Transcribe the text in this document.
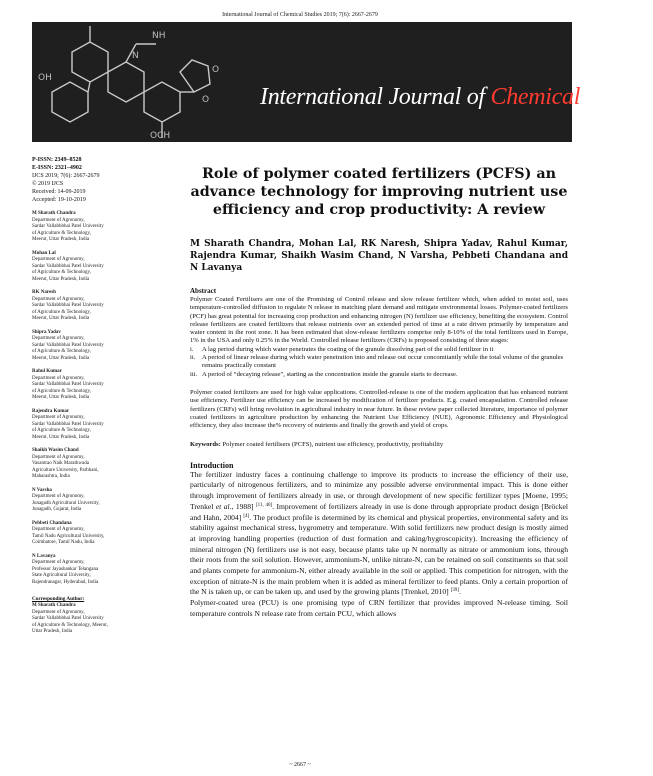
International Journal of Chemical Studies 2019; 7(6): 2667-2679
NH
O
O
OCH
OH
N
International Journal of Chemical Studies
P-ISSN: 2349–8528
E-ISSN: 2321–4902
IJCS 2019; 7(6): 2667-2679
© 2019 IJCS
Received: 14-09-2019
Accepted: 19-10-2019
M Sharath Chandra
Department of Agronomy,
Sardar Vallabhbhai Patel University
of Agriculture & Technology,
Meerut, Uttar Pradesh, India
Mohan Lal
Department of Agronomy,
Sardar Vallabhbhai Patel University
of Agriculture & Technology,
Meerut, Uttar Pradesh, India
RK Naresh
Department of Agronomy,
Sardar Vallabhbhai Patel University
of Agriculture & Technology,
Meerut, Uttar Pradesh, India
Shipra Yadav
Department of Agronomy,
Sardar Vallabhbhai Patel University
of Agriculture & Technology,
Meerut, Uttar Pradesh, India
Rahul Kumar
Department of Agronomy,
Sardar Vallabhbhai Patel University
of Agriculture & Technology,
Meerut, Uttar Pradesh, India
Rajendra Kumar
Department of Agronomy,
Sardar Vallabhbhai Patel University
of Agriculture & Technology,
Meerut, Uttar Pradesh, India
Shaikh Wasim Chand
Department of Agronomy,
Vasantrao Naik Marathwada
Agriculture University, Parbhani,
Maharashtra, India
N Varsha
Department of Agronomy,
Junagadh Agricultural University,
Junagadh, Gujarat, India
Pebbeti Chandana
Department of Agronomy,
Tamil Nadu Agricultural University,
Coimbatore, Tamil Nadu, India
N Lavanya
Department of Agronomy,
Professor Jayashankar Telangana
State Agricultural University,
Rajendranagar, Hyderabad, India
Corresponding Author:
M Sharath Chandra
Department of Agronomy,
Sardar Vallabhbhai Patel University
of Agriculture & Technology, Meerut,
Uttar Pradesh, India
Role of polymer coated fertilizers (PCFS) an advance technology for improving nutrient use efficiency and crop productivity: A review
M Sharath Chandra, Mohan Lal, RK Naresh, Shipra Yadav, Rahul Kumar, Rajendra Kumar, Shaikh Wasim Chand, N Varsha, Pebbeti Chandana and N Lavanya
Abstract
Polymer Coated Fertilisers are one of the Promising of Control release and slow release fertilizer which, when added to moist soil, uses temperature-controlled diffusion to regulate N release in matching plant demand and mitigate environmental losses. Polymer-coated fertilizers (PCF) has great potential for increasing crop production and enhancing nitrogen (N) fertilizer use efficiency, benefiting the ecosystem. Control release fertilizers are coated fertilizers that release nutrients over an extended period of time at a rate driven primarily by temperature and water content in the root zone. It has been estimated that slow-release fertilizers comprise only 8-10% of the total fertilizers used in Europe, 1% in the USA and only 0.25% in the World. Controlled release fertilizers (CRFs) is proposed consisting of three stages:
i.	A lag period during which water penetrates the coating of the granule dissolving part of the solid fertilizer in it
ii.	A period of linear release during which water penetration into and release out occur concomitantly while the total volume of the granules remains practically constant
iii. A period of “decaying release”, starting as the concentration inside the granule starts to decrease.
Polymer coated fertilizers are used for high value applications. Controlled-release is one of the modern application that has enhanced nutrient use efficiency. Fertilizer use efficiency can be increased by modification of fertilizer products. E.g. coated encapsulation. Controlled release fertilizers (CRFs) will bring revolution in agricultural industry in near future. In these review paper collected literature, importance of polymer coated fertilizers in agriculture production by enhancing the Nutrient Use Efficiency (NUE), Agronomic Efficiency and Physiological efficiency, they also increase the% recovery of nutrients and finally the growth and yield of crops.
Keywords: Polymer coated fertilisers (PCFS), nutrient use efficiency, productivity, profitability
Introduction
The fertilizer industry faces a continuing challenge to improve its products to increase the efficiency of their use, particularly of nitrogenous fertilizers, and to minimize any possible adverse environmental impact. This is done either through improvement of fertilizers already in use, or through development of new specific fertilizer types [Moene, 1995; Trenkel et al., 1988] [11, 40]. Improvement of fertilizers already in use is done through appropriate product design [Bröckel and Hahn, 2004] [4]. The product profile is determined by its chemical and physical properties, environmental safety and its stability against mechanical stress, hygrometry and temperature. With solid fertilizers new product design is mostly aimed at improving handling properties (reduction of dust formation and caking/hygroscopicity). Increasing the efficiency of mineral nitrogen (N) fertilizers use is not easy, because plants take up N normally as nitrate or ammonium ions, through their roots from the soil solution. However, ammonium-N, unlike nitrate-N, can be retained on soil constituents so that soil and plants compete for ammonium-N, either already available in the soil or applied. This competition for nitrogen, with the exception of nitrate-N is the main problem when it is added as mineral fertilizer to feed plants. Only a certain proportion of the N is taken up, or can be taken up, and used by the growing plants [Trenkel, 2010] [39].
Polymer-coated urea (PCU) is one promising type of CRN fertilizer that provides improved N-release timing. Soil temperature controls N release rate from certain PCU, which allows
~ 2667 ~
